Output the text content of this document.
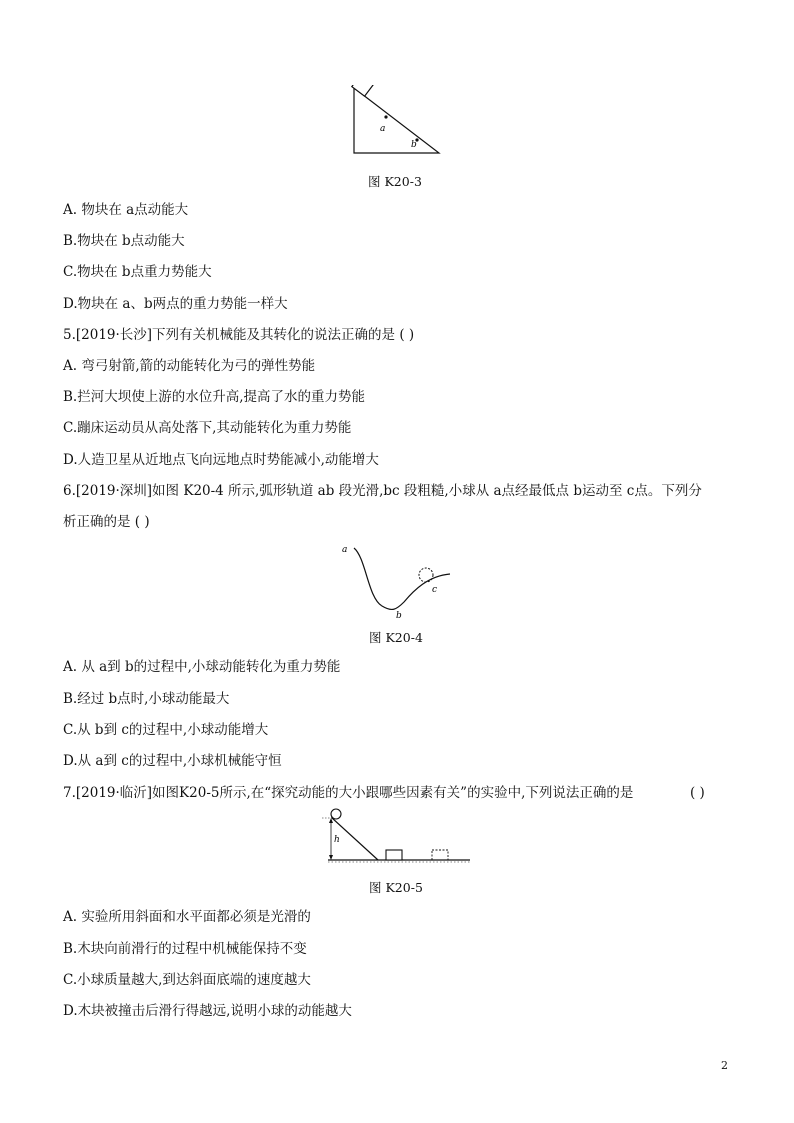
a
b
图 K20-3
A. 物块在 a点动能大
B.物块在 b点动能大
C.物块在 b点重力势能大
D.物块在 a、b两点的重力势能一样大
5.[2019·长沙]下列有关机械能及其转化的说法正确的是 ( )
A. 弯弓射箭,箭的动能转化为弓的弹性势能
B.拦河大坝使上游的水位升高,提高了水的重力势能
C.蹦床运动员从高处落下,其动能转化为重力势能
D.人造卫星从近地点飞向远地点时势能减小,动能增大
6.[2019·深圳]如图 K20-4 所示,弧形轨道 ab 段光滑,bc 段粗糙,小球从 a点经最低点 b运动至 c点。下列分
析正确的是 ( )
a
b
c
图 K20-4
A. 从 a到 b的过程中,小球动能转化为重力势能
B.经过 b点时,小球动能最大
C.从 b到 c的过程中,小球动能增大
D.从 a到 c的过程中,小球机械能守恒
7.[2019·临沂]如图K20-5所示,在“探究动能的大小跟哪些因素有关”的实验中,下列说法正确的是	( )
h
图 K20-5
A. 实验所用斜面和水平面都必须是光滑的
B.木块向前滑行的过程中机械能保持不变
C.小球质量越大,到达斜面底端的速度越大
D.木块被撞击后滑行得越远,说明小球的动能越大
2
